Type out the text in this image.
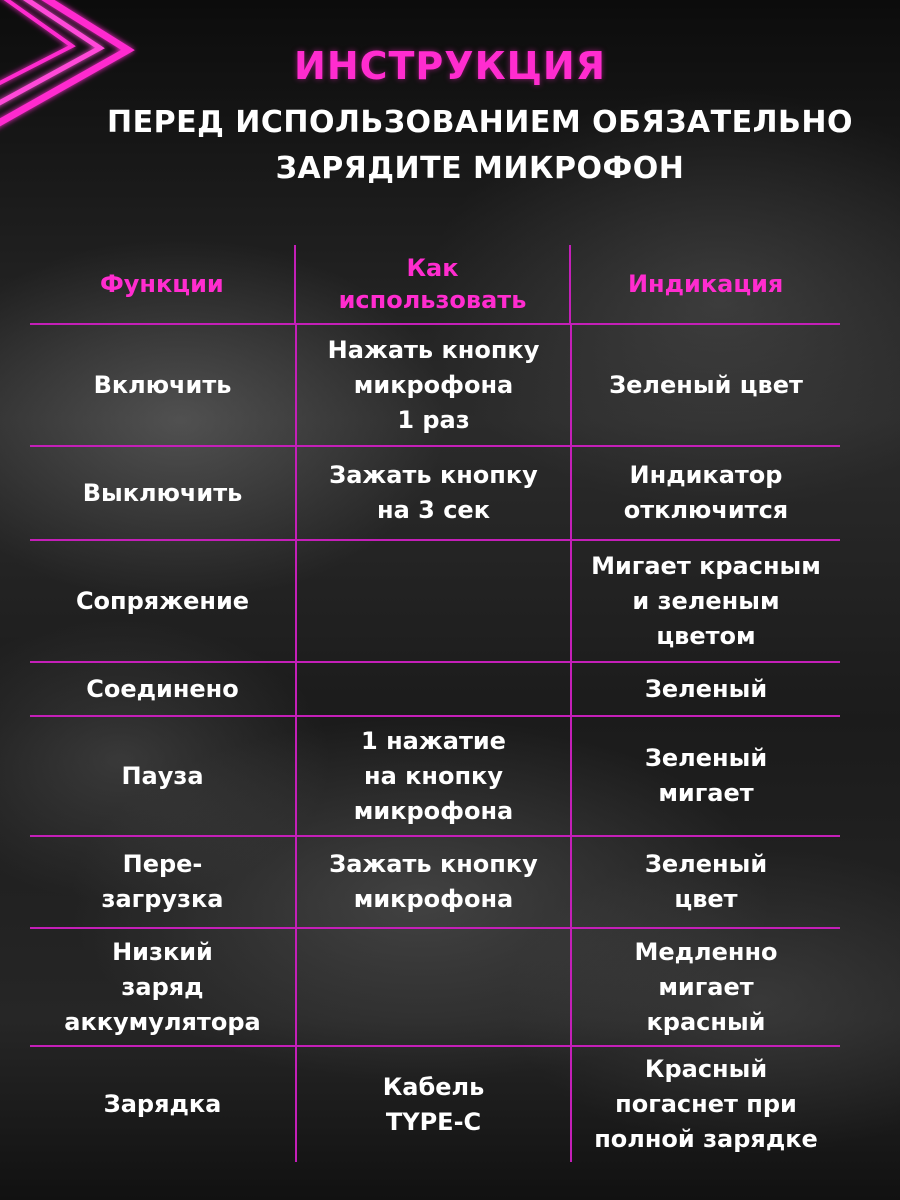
ИНСТРУКЦИЯ
ПЕРЕД ИСПОЛЬЗОВАНИЕМ ОБЯЗАТЕЛЬНО
ЗАРЯДИТЕ МИКРОФОН
Функции
Как
использовать
Индикация
Включить
Нажать кнопку
микрофона
1 раз
Зеленый цвет
Выключить
Зажать кнопку
на 3 сек
Индикатор
отключится
Сопряжение
Мигает красным
и зеленым
цветом
Соединено	Зеленый
Пауза
1 нажатие
на кнопку
микрофона
Зеленый
мигает
Пере-
загрузка
Зажать кнопку
микрофона
Зеленый
цвет
Низкий
заряд
аккумулятора
Медленно
мигает
красный
Зарядка
Кабель
TYPE-C
Красный
погаснет при
полной зарядке
